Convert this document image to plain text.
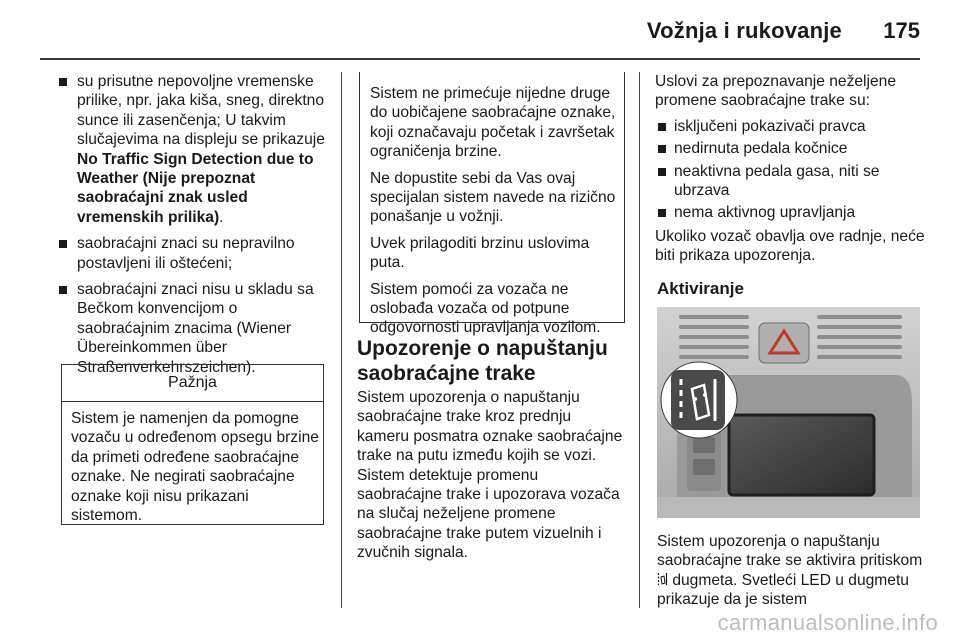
Vožnja i rukovanje 175
su prisutne nepovoljne vremenske prilike, npr. jaka kiša, sneg, direktno sunce ili zasenčenja; U takvim slučajevima na displeju se prikazuje No Traffic Sign Detection due to Weather (Nije prepoznat saobraćajni znak usled vremenskih prilika).
saobraćajni znaci su nepravilno postavljeni ili oštećeni;
saobraćajni znaci nisu u skladu sa Bečkom konvencijom o saobraćajnim znacima (Wiener Übereinkommen über Straßenverkehrszeichen).
Pažnja
Sistem je namenjen da pomogne vozaču u određenom opsegu brzine da primeti određene saobraćajne oznake. Ne negirati saobraćajne oznake koji nisu prikazani sistemom.

Sistem ne primećuje nijedne druge do uobičajene saobraćajne oznake, koji označavaju početak i završetak ograničenja brzine.

Ne dopustite sebi da Vas ovaj specijalan sistem navede na rizično ponašanje u vožnji.

Uvek prilagoditi brzinu uslovima puta.

Sistem pomoći za vozača ne oslobađa vozača od potpune odgovornosti upravljanja vozilom.

Upozorenje o napuštanju saobraćajne trake
Sistem upozorenja o napuštanju saobraćajne trake kroz prednju kameru posmatra oznake saobraćajne trake na putu između kojih se vozi. Sistem detektuje promenu saobraćajne trake i upozorava vozača na slučaj neželjene promene saobraćajne trake putem vizuelnih i zvučnih signala.

Uslovi za prepoznavanje neželjene promene saobraćajne trake su:

isključeni pokazivači pravca
nedirnuta pedala kočnice
neaktivna pedala gasa, niti se ubrzava
nema aktivnog upravljanja

Ukoliko vozač obavlja ove radnje, neće biti prikaza upozorenja.

Aktiviranje
Sistem upozorenja o napuštanju saobraćajne trake se aktivira pritiskom  dugmeta. Svetleći LED u dugmetu prikazuje da je sistem
carmanualsonline.info
